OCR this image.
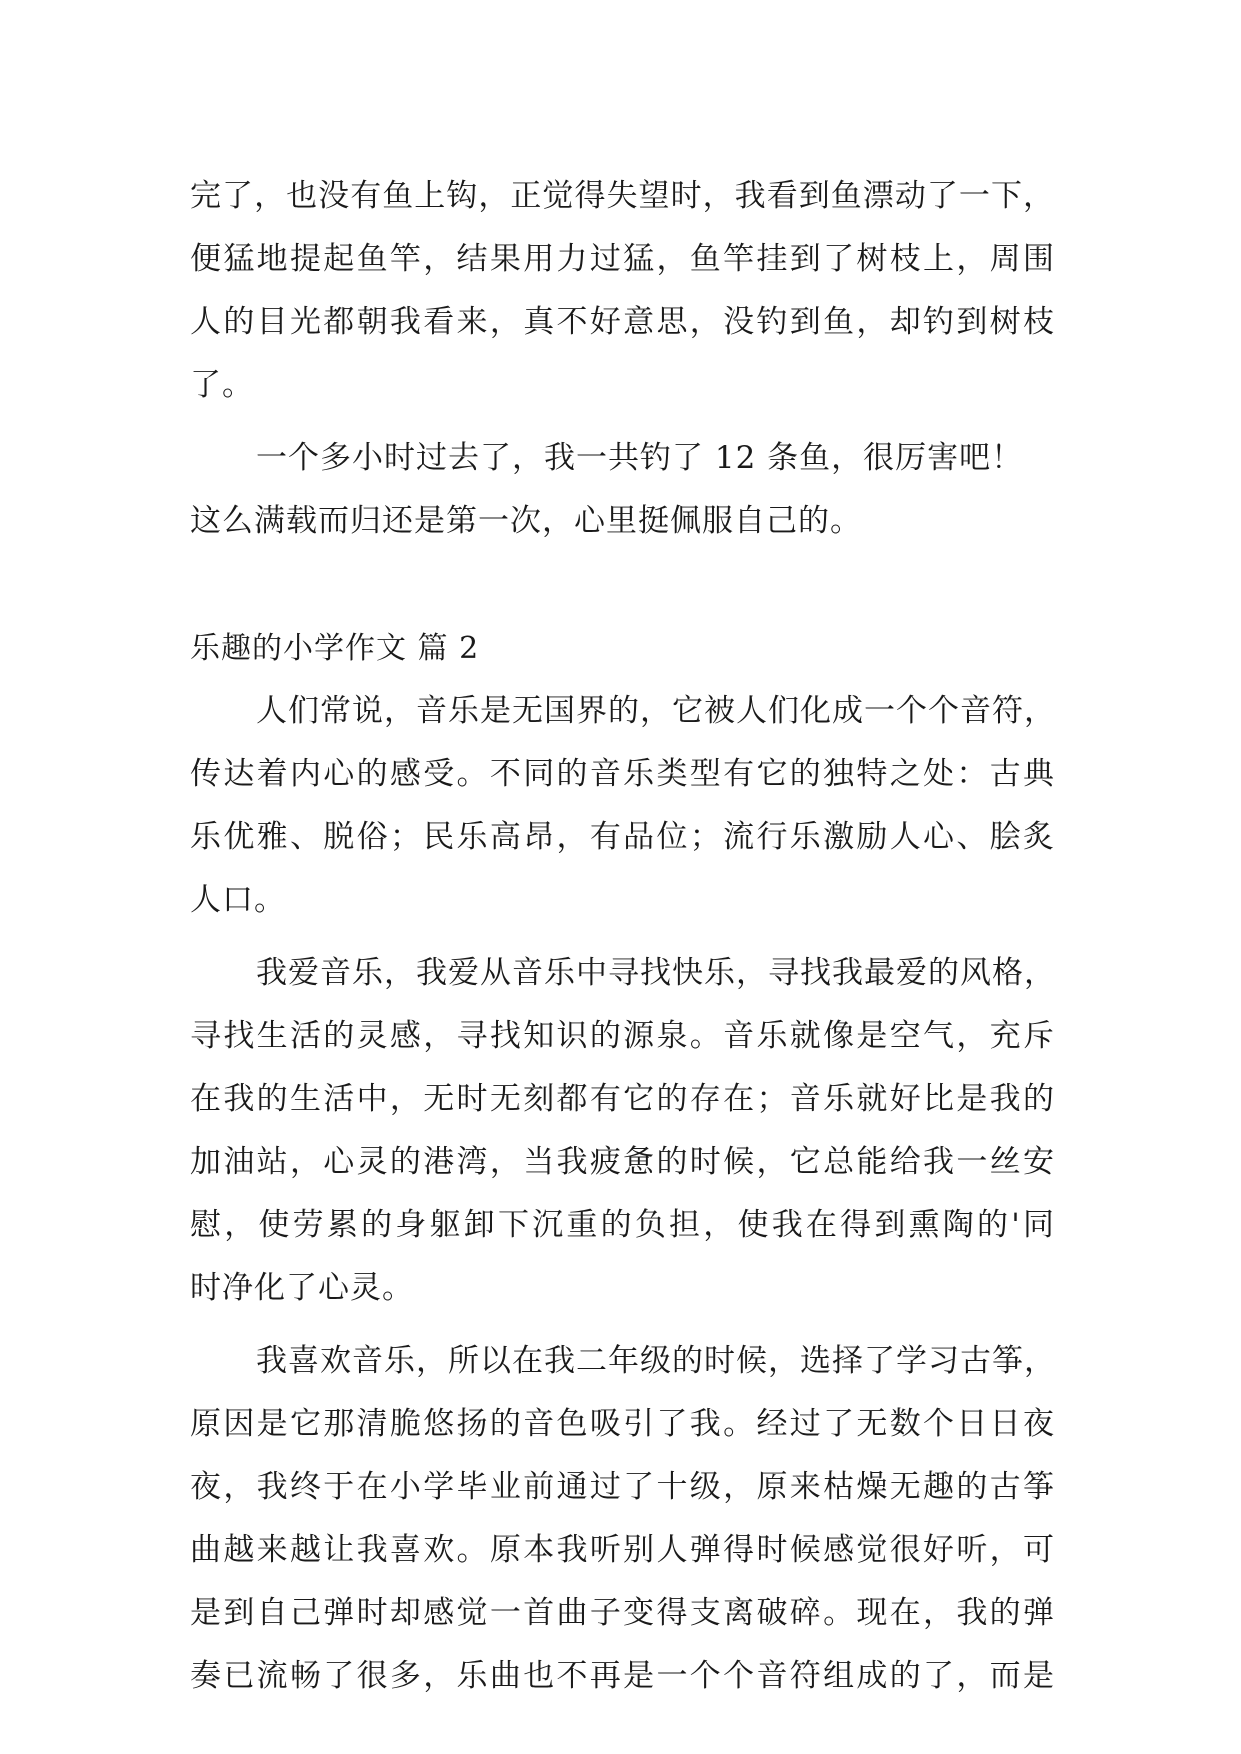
完了，也没有鱼上钩，正觉得失望时，我看到鱼漂动了一下，
便猛地提起鱼竿，结果用力过猛，鱼竿挂到了树枝上，周围
人的目光都朝我看来，真不好意思，没钓到鱼，却钓到树枝
了。
一个多小时过去了，我一共钓了 12 条鱼，很厉害吧！
这么满载而归还是第一次，心里挺佩服自己的。
乐趣的小学作文 篇 2
人们常说，音乐是无国界的，它被人们化成一个个音符，
传达着内心的感受。不同的音乐类型有它的独特之处：古典
乐优雅、脱俗；民乐高昂，有品位；流行乐激励人心、脍炙
人口。
我爱音乐，我爱从音乐中寻找快乐，寻找我最爱的风格，
寻找生活的灵感，寻找知识的源泉。音乐就像是空气，充斥
在我的生活中，无时无刻都有它的存在；音乐就好比是我的
加油站，心灵的港湾，当我疲惫的时候，它总能给我一丝安
慰，使劳累的身躯卸下沉重的负担，使我在得到熏陶的'同
时净化了心灵。
我喜欢音乐，所以在我二年级的时候，选择了学习古筝，
原因是它那清脆悠扬的音色吸引了我。经过了无数个日日夜
夜，我终于在小学毕业前通过了十级，原来枯燥无趣的古筝
曲越来越让我喜欢。原本我听别人弹得时候感觉很好听，可
是到自己弹时却感觉一首曲子变得支离破碎。现在，我的弹
奏已流畅了很多，乐曲也不再是一个个音符组成的了，而是
